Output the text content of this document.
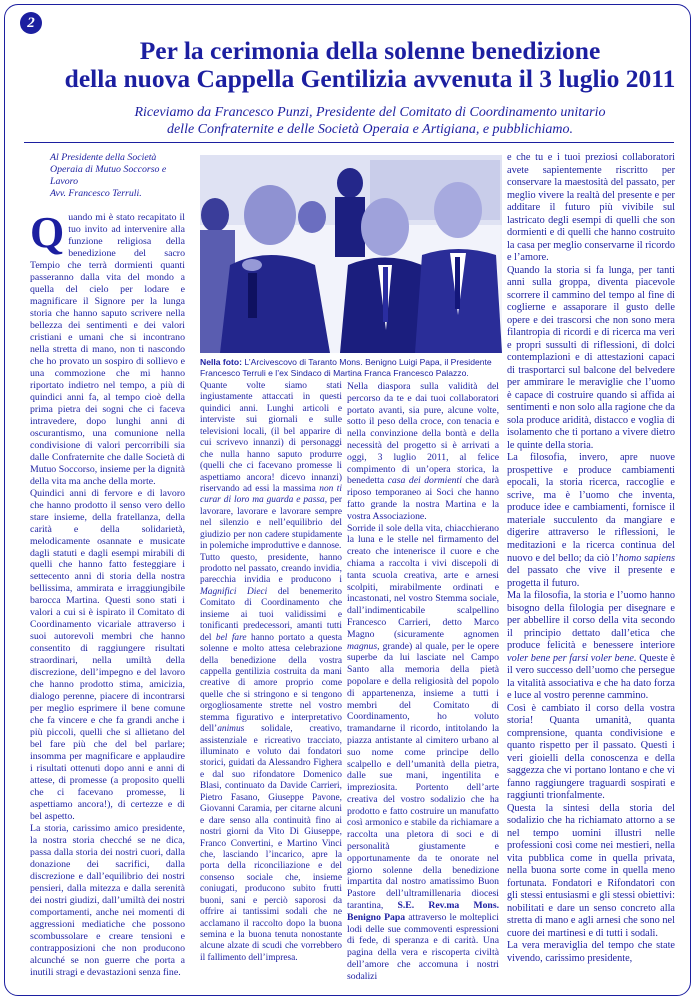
2
Per la cerimonia della solenne benedizione
della nuova Cappella Gentilizia avvenuta il 3 luglio 2011

Riceviamo da Francesco Punzi, Presidente del Comitato di Coordinamento unitario
delle Confraternite e delle Società Operaia e Artigiana, e pubblichiamo.

Al Presidente della Società
Operaia di Mutuo Soccorso e Lavoro
Avv. Francesco Terruli.

Quando mi è stato recapitato il tuo invito ad intervenire alla funzione religiosa della benedizione del sacro Tempio che terrà dormienti quanti passeranno dalla vita del mondo a quella del cielo per lodare e magnificare il Signore per la lunga storia che hanno saputo scrivere nella bellezza dei sentimenti e dei valori cristiani e umani che si incontrano nella stretta di mano, non ti nascondo che ho provato un sospiro di sollievo e una commozione che mi hanno riportato indietro nel tempo, a più di quindici anni fa, al tempo cioè della prima pietra dei sogni che ci faceva intravedere, dopo lunghi anni di oscurantismo, una comunione nella condivisione di valori percorribili sia dalle Confraternite che dalle Società di Mutuo Soccorso, insieme per la dignità della vita ma anche della morte.

Quindici anni di fervore e di lavoro che hanno prodotto il senso vero dello stare insieme, della fratellanza, della carità e della solidarietà, melodicamente osannate e musicate dagli statuti e dagli esempi mirabili di quelli che hanno fatto festeggiare i settecento anni di storia della nostra bellissima, ammirata e irraggiungibile barocca Martina. Questi sono stati i valori a cui si è ispirato il Comitato di Coordinamento vicariale attraverso i suoi autorevoli membri che hanno consentito di raggiungere risultati straordinari, nella umiltà della discrezione, dell’impegno e del lavoro che hanno prodotto stima, amicizia, dialogo perenne, piacere di incontrarsi per meglio esprimere il bene comune che fa vincere e che fa grandi anche i più piccoli, quelli che si allietano del bel fare più che del bel parlare; insomma per magnificare e applaudire i risultati ottenuti dopo anni e anni di attese, di promesse (a proposito quelli che ci facevano promesse, li aspettiamo ancora!), di certezze e di bel aspetto.

La storia, carissimo amico presidente, la nostra storia checché se ne dica, passa dalla storia dei nostri cuori, dalla donazione dei sacrifici, dalla discrezione e dall’equilibrio dei nostri pensieri, dalla mitezza e dalla serenità dei nostri giudizi, dall’umiltà dei nostri comportamenti, anche nei momenti di aggressioni mediatiche che possono scombussolare e creare tensioni e contrapposizioni che non producono alcunché se non guerre che porta a inutili stragi e devastazioni senza fine.

Nella foto: L’Arcivescovo di Taranto Mons. Benigno Luigi Papa, il Presidente Francesco Terruli e l’ex Sindaco di Martina Franca Francesco Palazzo.

Quante volte siamo stati ingiustamente attaccati in questi quindici anni. Lunghi articoli e interviste sui giornali e sulle televisioni locali, (il bel apparire di cui scrivevo innanzi) di personaggi che nulla hanno saputo produrre (quelli che ci facevano promesse li aspettiamo ancora! dicevo innanzi) riservando ad essi la massima non ti curar di loro ma guarda e passa, per lavorare, lavorare e lavorare sempre nel silenzio e nell’equilibrio del giudizio per non cadere stupidamente in polemiche improduttive e dannose.

Tutto questo, presidente, hanno prodotto nel passato, creando invidia, parecchia invidia e producono i Magnifici Dieci del benemerito Comitato di Coordinamento che insieme ai tuoi validissimi e tonificanti predecessori, amanti tutti del bel fare hanno portato a questa solenne e molto attesa celebrazione della benedizione della vostra cappella gentilizia costruita da mani creative di amore proprio come quelle che si stringono e si tengono orgogliosamente strette nel vostro stemma figurativo e interpretativo dell’animus solidale, creativo, assistenziale e ricreativo tracciato, illuminato e voluto dai fondatori storici, guidati da Alessandro Fighera e dal suo rifondatore Domenico Blasi, continuato da Davide Carrieri, Pietro Fasano, Giuseppe Pavone, Giovanni Caramia, per citarne alcuni e dare senso alla continuità fino ai nostri giorni da Vito Di Giuseppe, Franco Convertini, e Martino Vinci che, lasciando l’incarico, apre la porta della riconciliazione e del consenso sociale che, insieme coniugati, producono subito frutti buoni, sani e perciò saporosi da offrire ai tantissimi sodali che ne acclamano il raccolto dopo la buona semina e la buona tenuta nonostante alcune alzate di scudi che vorrebbero il fallimento dell’impresa.

Nella diaspora sulla validità del percorso da te e dai tuoi collaboratori portato avanti, sia pure, alcune volte, sotto il peso della croce, con tenacia e nella convinzione della bontà e della necessità del progetto si è arrivati a oggi, 3 luglio 2011, al felice compimento di un’opera storica, la benedetta casa dei dormienti che darà riposo temporaneo ai Soci che hanno fatto grande la nostra Martina e la vostra Associazione.

Sorride il sole della vita, chiacchierano la luna e le stelle nel firmamento del creato che intenerisce il cuore e che chiama a raccolta i vivi discepoli di tanta scuola creativa, arte e arnesi scolpiti, mirabilmente ordinati e incastonati, nel vostro Stemma sociale, dall’indimenticabile scalpellino Francesco Carrieri, detto Marco Magno (sicuramente agnomen magnus, grande) al quale, per le opere superbe da lui lasciate nel Campo Santo alla memoria della pietà popolare e della religiosità del popolo di appartenenza, insieme a tutti i membri del Comitato di Coordinamento, ho voluto tramandarne il ricordo, intitolando la piazza antistante al cimitero urbano al suo nome come principe dello scalpello e dell’umanità della pietra, dalle sue mani, ingentilita e impreziosita. Portento dell’arte creativa del vostro sodalizio che ha prodotto e fatto costruire un manufatto così armonico e stabile da richiamare a raccolta una pletora di soci e di personalità giustamente e opportunamente da te onorate nel giorno solenne della benedizione impartita dal nostro amatissimo Buon Pastore dell’ultramillenaria diocesi tarantina, S.E. Rev.ma Mons. Benigno Papa attraverso le molteplici lodi delle sue commoventi espressioni di fede, di speranza e di carità. Una pagina della vera e riscoperta civiltà dell’amore che accomuna i nostri sodalizi

e che tu e i tuoi preziosi collaboratori avete sapientemente riscritto per conservare la maestosità del passato, per meglio vivere la realtà del presente e per additare il futuro più vivibile sul lastricato degli esempi di quelli che son dormienti e di quelli che hanno costruito la casa per meglio conservarne il ricordo e l’amore.

Quando la storia si fa lunga, per tanti anni sulla groppa, diventa piacevole scorrere il cammino del tempo al fine di coglierne e assaporare il gusto delle opere e dei trascorsi che non sono mera filantropia di ricordi e di ricerca ma veri e propri sussulti di riflessioni, di dolci contemplazioni e di attestazioni capaci di trasportarci sul balcone del belvedere per ammirare le meraviglie che l’uomo è capace di costruire quando si affida ai sentimenti e non solo alla ragione che da sola produce aridità, distacco e voglia di isolamento che ti portano a vivere dietro le quinte della storia.

La filosofia, invero, apre nuove prospettive e produce cambiamenti epocali, la storia ricerca, raccoglie e scrive, ma è l’uomo che inventa, produce idee e cambiamenti, fornisce il materiale succulento da mangiare e digerire attraverso le riflessioni, le meditazioni e la ricerca continua del nuovo e del bello; da ciò l’homo sapiens del passato che vive il presente e progetta il futuro.

Ma la filosofia, la storia e l’uomo hanno bisogno della filologia per disegnare e per abbellire il corso della vita secondo il principio dettato dall’etica che produce felicità e benessere interiore voler bene per farsi voler bene. Queste è il vero successo dell’uomo che persegue la vitalità associativa e che ha dato forza e luce al vostro perenne cammino.

Così è cambiato il corso della vostra storia! Quanta umanità, quanta comprensione, quanta condivisione e quanto rispetto per il passato. Questi i veri gioielli della conoscenza e della saggezza che vi portano lontano e che vi fanno raggiungere traguardi sospirati e raggiunti trionfalmente.

Questa la sintesi della storia del sodalizio che ha richiamato attorno a se nel tempo uomini illustri nelle professioni così come nei mestieri, nella vita pubblica come in quella privata, nella buona sorte come in quella meno fortunata. Fondatori e Rifondatori con gli stessi entusiasmi e gli stessi obiettivi: nobilitati e dare un senso concreto alla stretta di mano e agli arnesi che sono nel cuore dei martinesi e di tutti i sodali.

La vera meraviglia del tempo che state vivendo, carissimo presidente,
